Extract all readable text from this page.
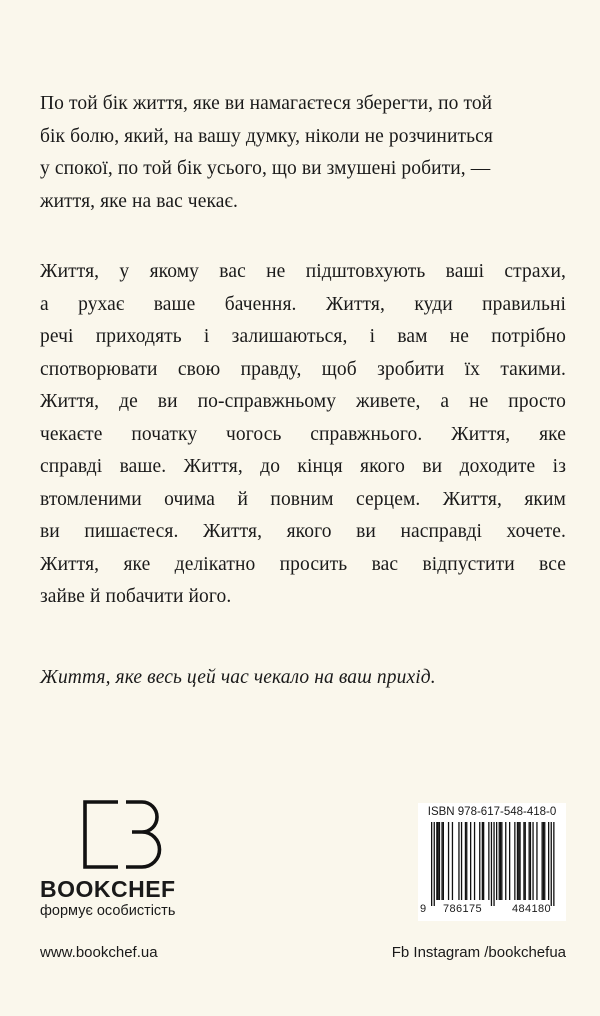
По той бік життя, яке ви намагаєтеся зберегти, по той
бік болю, який, на вашу думку, ніколи не розчиниться
у спокої, по той бік усього, що ви змушені робити, —
життя, яке на вас чекає.
Життя, у якому вас не підштовхують ваші страхи,
а рухає ваше бачення. Життя, куди правильні
речі приходять і залишаються, і вам не потрібно
спотворювати свою правду, щоб зробити їх такими.
Життя, де ви по-справжньому живете, а не просто
чекаєте початку чогось справжнього. Життя, яке
справді ваше. Життя, до кінця якого ви доходите із
втомленими очима й повним серцем. Життя, яким
ви пишаєтеся. Життя, якого ви насправді хочете.
Життя, яке делікатно просить вас відпустити все
зайве й побачити його.
Життя, яке весь цей час чекало на ваш прихід.
BOOKCHEF
формує особистість
ISBN 978-617-548-418-0
9	786175	484180
www.bookchef.ua	Fb Instagram /bookchefua
